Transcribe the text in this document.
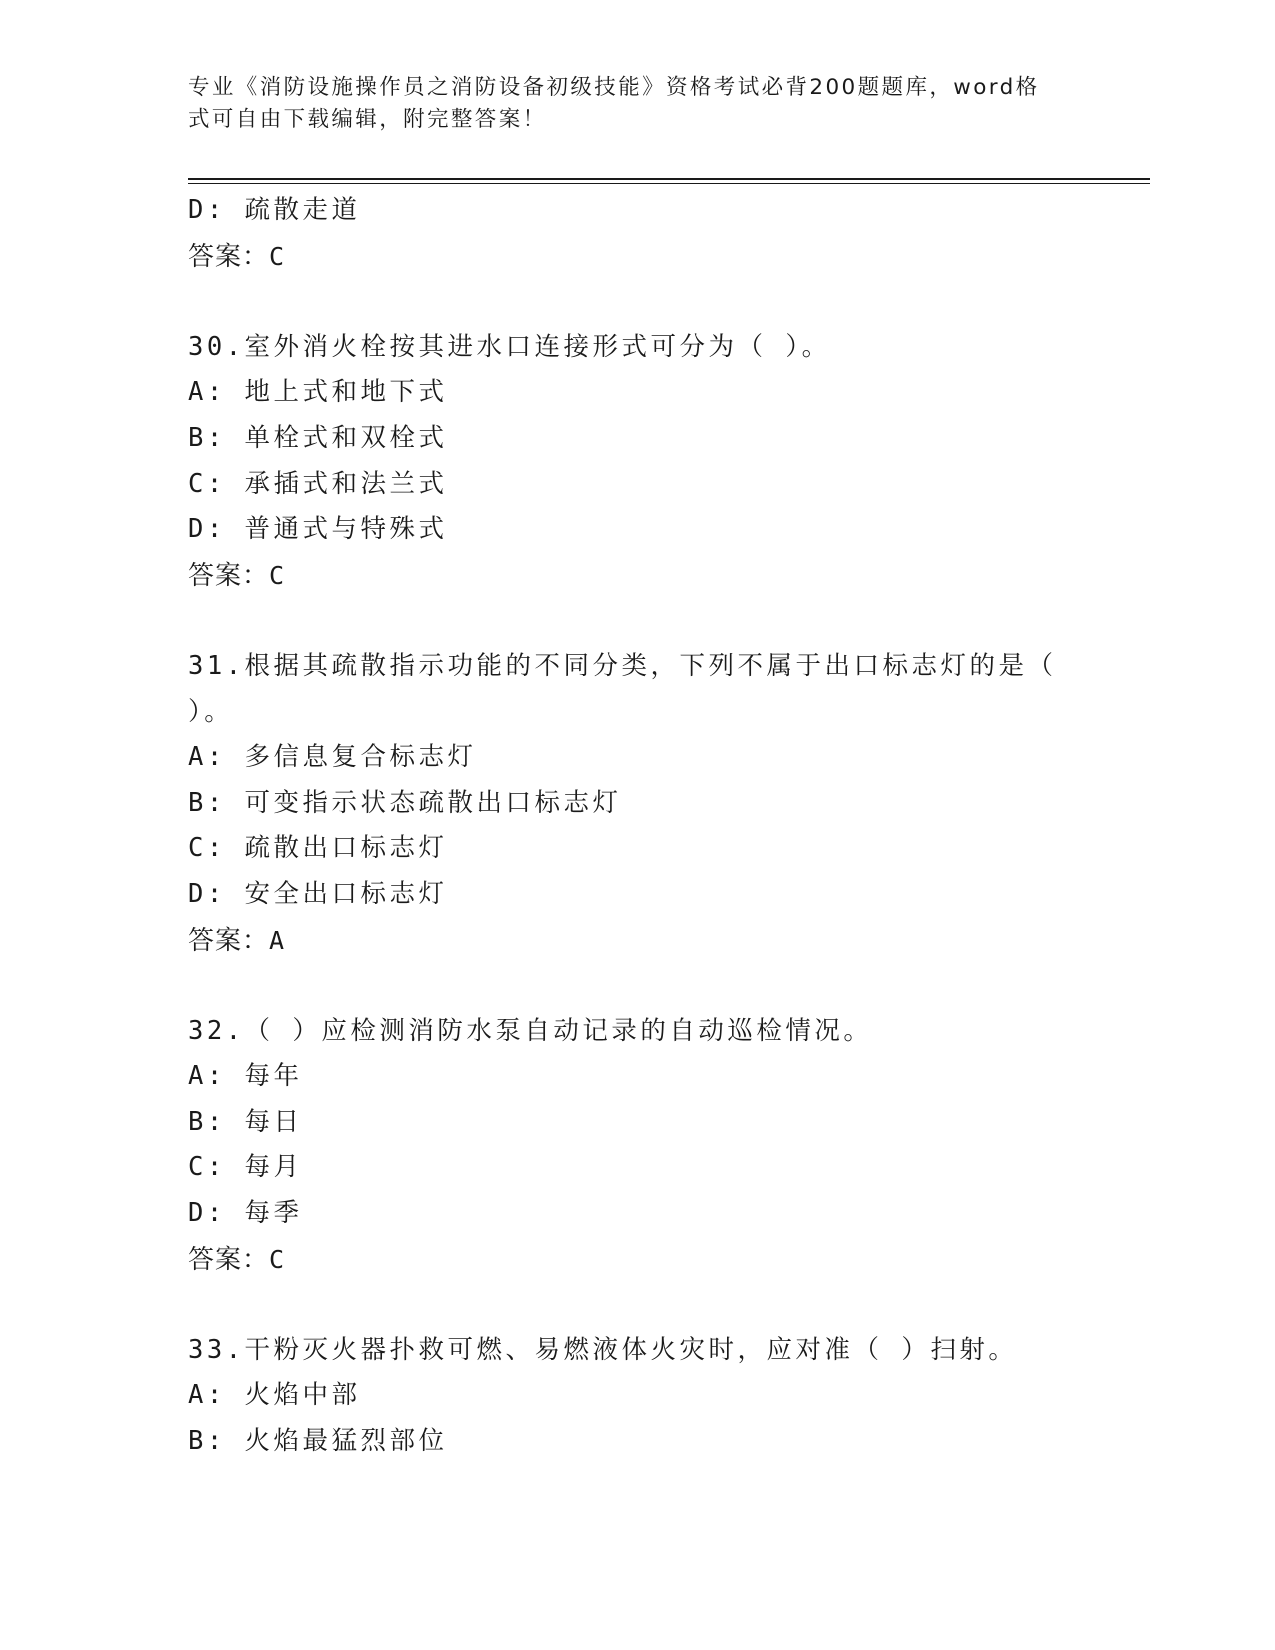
专业《消防设施操作员之消防设备初级技能》资格考试必背200题题库，word格
式可自由下载编辑，附完整答案！
D: 疏散走道
答案：C
30.室外消火栓按其进水口连接形式可分为（ ）。
A: 地上式和地下式
B: 单栓式和双栓式
C: 承插式和法兰式
D: 普通式与特殊式
答案：C
31.根据其疏散指示功能的不同分类，下列不属于出口标志灯的是（
）。
A: 多信息复合标志灯
B: 可变指示状态疏散出口标志灯
C: 疏散出口标志灯
D: 安全出口标志灯
答案：A
32.（ ）应检测消防水泵自动记录的自动巡检情况。
A: 每年
B: 每日
C: 每月
D: 每季
答案：C
33.干粉灭火器扑救可燃、易燃液体火灾时，应对准（ ）扫射。
A: 火焰中部
B: 火焰最猛烈部位
